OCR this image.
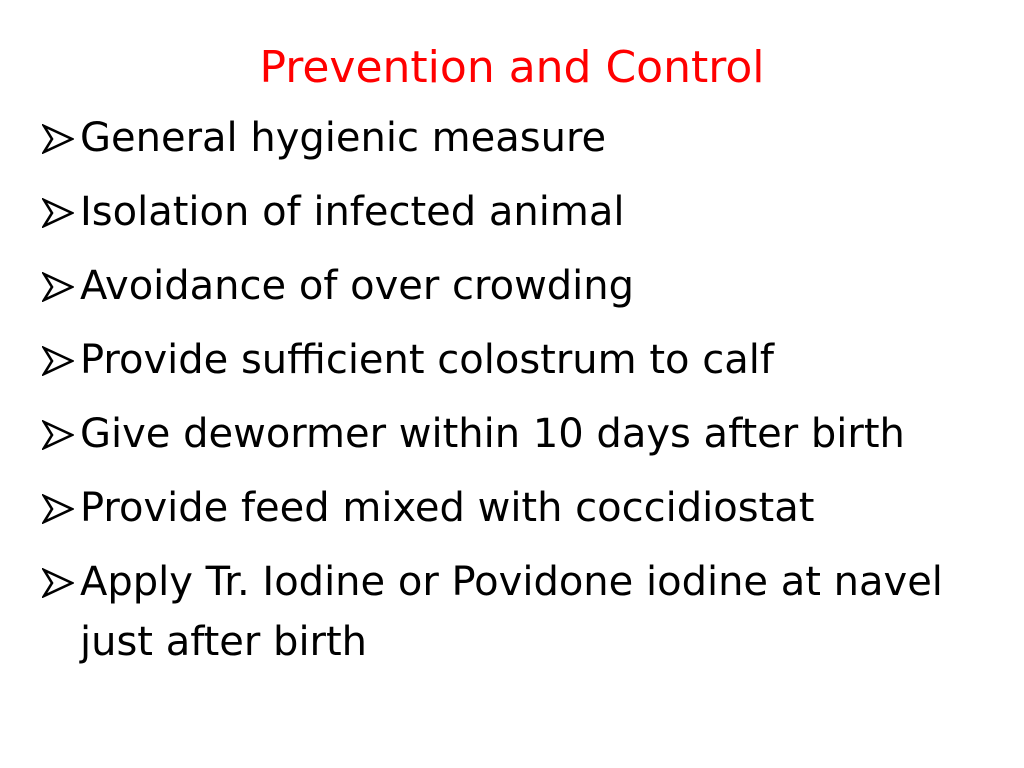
Prevention and Control
General hygienic measure
Isolation of infected animal
Avoidance of over crowding
Provide sufficient colostrum to calf
Give dewormer within 10 days after birth
Provide feed mixed with coccidiostat
Apply Tr. Iodine or Povidone iodine at navel just after birth
